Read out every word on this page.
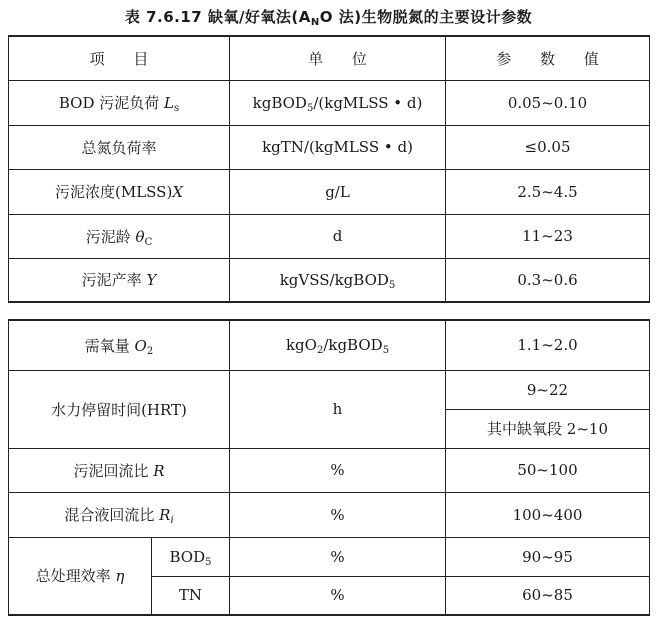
表 7.6.17 缺氧/好氧法($A_NO$ 法)生物脱氮的主要设计参数
项 目	单 位	参 数 值
BOD 污泥负荷 $L_s$	kgBOD$_5$/(kgMLSS • d)	0.05~0.10
总氮负荷率	kgTN/(kgMLSS • d)	≤0.05
污泥浓度(MLSS)X	g/L	2.5~4.5
污泥龄 $\theta_C$	d	11~23
污泥产率 Y	kgVSS/kgBOD$_5$	0.3~0.6
需氧量 $O_2$		kgO$_2$/kgBOD$_5$	1.1~2.0
水力停留时间(HRT)		h	9~22
			其中缺氧段 2~10
污泥回流比 R		%	50~100
混合液回流比 $R_i$		%	100~400
总处理效率 η	$BOD_5$	%	90~95
	TN	%	60~85
